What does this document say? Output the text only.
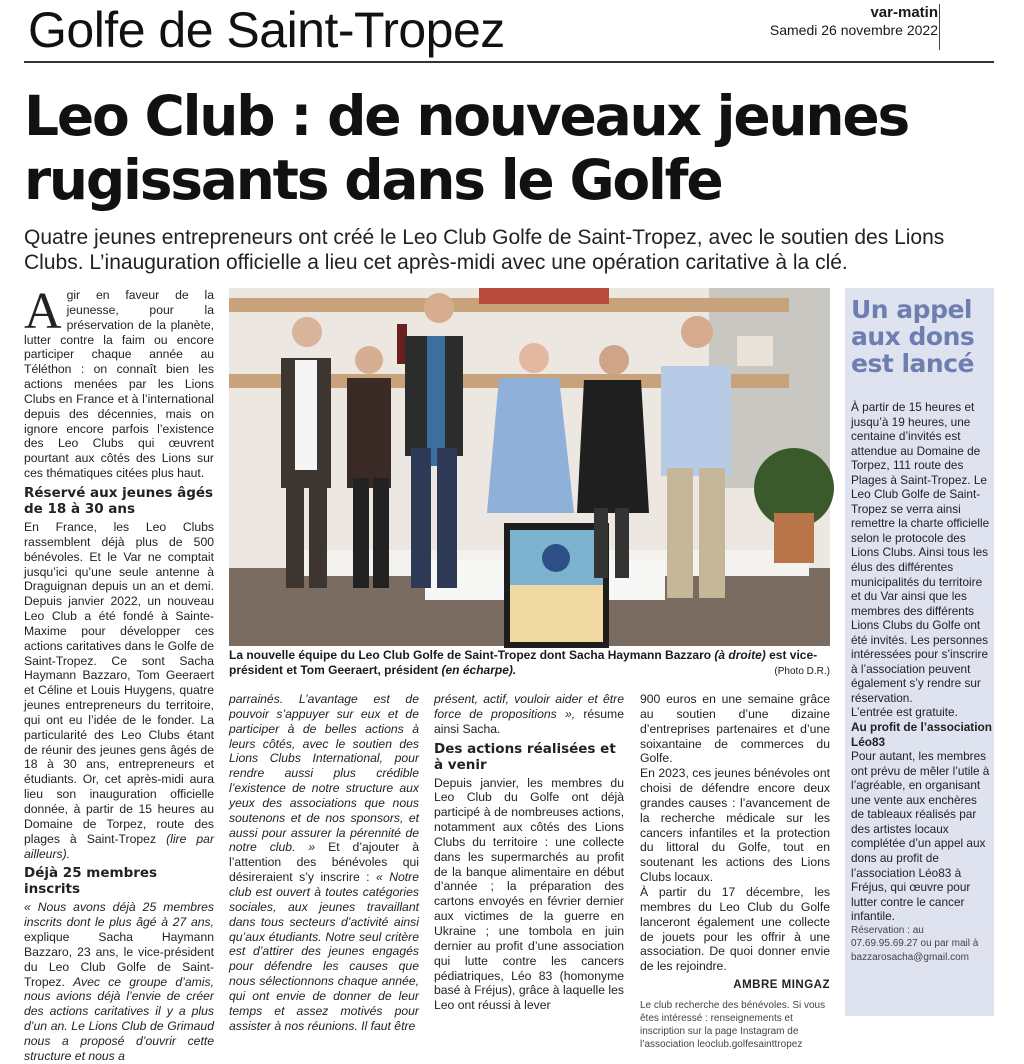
Golfe de Saint-Tropez	var-matin
Samedi 26 novembre 2022
Leo Club : de nouveaux jeunes
rugissants dans le Golfe
Quatre jeunes entrepreneurs ont créé le Leo Club Golfe de Saint-Tropez, avec le soutien des Lions Clubs. L’inauguration officielle a lieu cet après-midi avec une opération caritative à la clé.

Agir en faveur de la jeunesse, pour la préservation de la planète, lutter contre la faim ou encore participer chaque année au Téléthon : on connaît bien les actions menées par les Lions Clubs en France et à l’international depuis des décennies, mais on ignore encore parfois l’existence des Leo Clubs qui œuvrent pourtant aux côtés des Lions sur ces thématiques citées plus haut.

Réservé aux jeunes âgés de 18 à 30 ans

En France, les Leo Clubs rassemblent déjà plus de 500 bénévoles. Et le Var ne comptait jusqu’ici qu’une seule antenne à Draguignan depuis un an et demi. Depuis janvier 2022, un nouveau Leo Club a été fondé à Sainte-Maxime pour développer ces actions caritatives dans le Golfe de Saint-Tropez. Ce sont Sacha Haymann Bazzaro, Tom Geeraert et Céline et Louis Huygens, quatre jeunes entrepreneurs du territoire, qui ont eu l’idée de le fonder. La particularité des Leo Clubs étant de réunir des jeunes gens âgés de 18 à 30 ans, entrepreneurs et étudiants. Or, cet après-midi aura lieu son inauguration officielle donnée, à partir de 15 heures au Domaine de Torpez, route des plages à Saint-Tropez (lire par ailleurs).

Déjà 25 membres inscrits

« Nous avons déjà 25 membres inscrits dont le plus âgé à 27 ans, explique Sacha Haymann Bazzaro, 23 ans, le vice-président du Leo Club Golfe de Saint-Tropez. Avec ce groupe d’amis, nous avions déjà l’envie de créer des actions caritatives il y a plus d’un an. Le Lions Club de Grimaud nous a proposé d’ouvrir cette structure et nous a

La nouvelle équipe du Leo Club Golfe de Saint-Tropez dont Sacha Haymann Bazzaro (à droite) est vice-président et Tom Geeraert, président (en écharpe).	(Photo D.R.)

parrainés. L’avantage est de pouvoir s’appuyer sur eux et de participer à de belles actions à leurs côtés, avec le soutien des Lions Clubs International, pour rendre aussi plus crédible l’existence de notre structure aux yeux des associations que nous soutenons et de nos sponsors, et aussi pour assurer la pérennité de notre club. » Et d’ajouter à l’attention des bénévoles qui désireraient s’y inscrire : « Notre club est ouvert à toutes catégories sociales, aux jeunes travaillant dans tous secteurs d’activité ainsi qu’aux étudiants. Notre seul critère est d’attirer des jeunes engagés pour défendre les causes que nous sélectionnons chaque année, qui ont envie de donner de leur temps et assez motivés pour assister à nos réunions. Il faut être

présent, actif, vouloir aider et être force de propositions », résume ainsi Sacha.

Des actions réalisées et à venir

Depuis janvier, les membres du Leo Club du Golfe ont déjà participé à de nombreuses actions, notamment aux côtés des Lions Clubs du territoire : une collecte dans les supermarchés au profit de la banque alimentaire en début d’année ; la préparation des cartons envoyés en février dernier aux victimes de la guerre en Ukraine ; une tombola en juin dernier au profit d’une association qui lutte contre les cancers pédiatriques, Léo 83 (homonyme basé à Fréjus), grâce à laquelle les Leo ont réussi à lever

900 euros en une semaine grâce au soutien d’une dizaine d’entreprises partenaires et d’une soixantaine de commerces du Golfe.

En 2023, ces jeunes bénévoles ont choisi de défendre encore deux grandes causes : l’avancement de la recherche médicale sur les cancers infantiles et la protection du littoral du Golfe, tout en soutenant les actions des Lions Clubs locaux.

À partir du 17 décembre, les membres du Leo Club du Golfe lanceront également une collecte de jouets pour les offrir à une association. De quoi donner envie de les rejoindre.

AMBRE MINGAZ
Le club recherche des bénévoles. Si vous êtes intéressé : renseignements et inscription sur la page Instagram de l’association leoclub.golfesainttropez
Un appel aux dons est lancé

À partir de 15 heures et jusqu’à 19 heures, une centaine d’invités est attendue au Domaine de Torpez, 111 route des Plages à Saint-Tropez. Le Leo Club Golfe de Saint-Tropez se verra ainsi remettre la charte officielle selon le protocole des Lions Clubs. Ainsi tous les élus des différentes municipalités du territoire et du Var ainsi que les membres des différents Lions Clubs du Golfe ont été invités. Les personnes intéressées pour s’inscrire à l’association peuvent également s’y rendre sur réservation.

L’entrée est gratuite.

Au profit de l’association Léo83

Pour autant, les membres ont prévu de mêler l’utile à l’agréable, en organisant une vente aux enchères de tableaux réalisés par des artistes locaux complétée d’un appel aux dons au profit de l’association Léo83 à Fréjus, qui œuvre pour lutter contre le cancer infantile.

Réservation : au 07.69.95.69.27 ou par mail à bazzarosacha@gmail.com
